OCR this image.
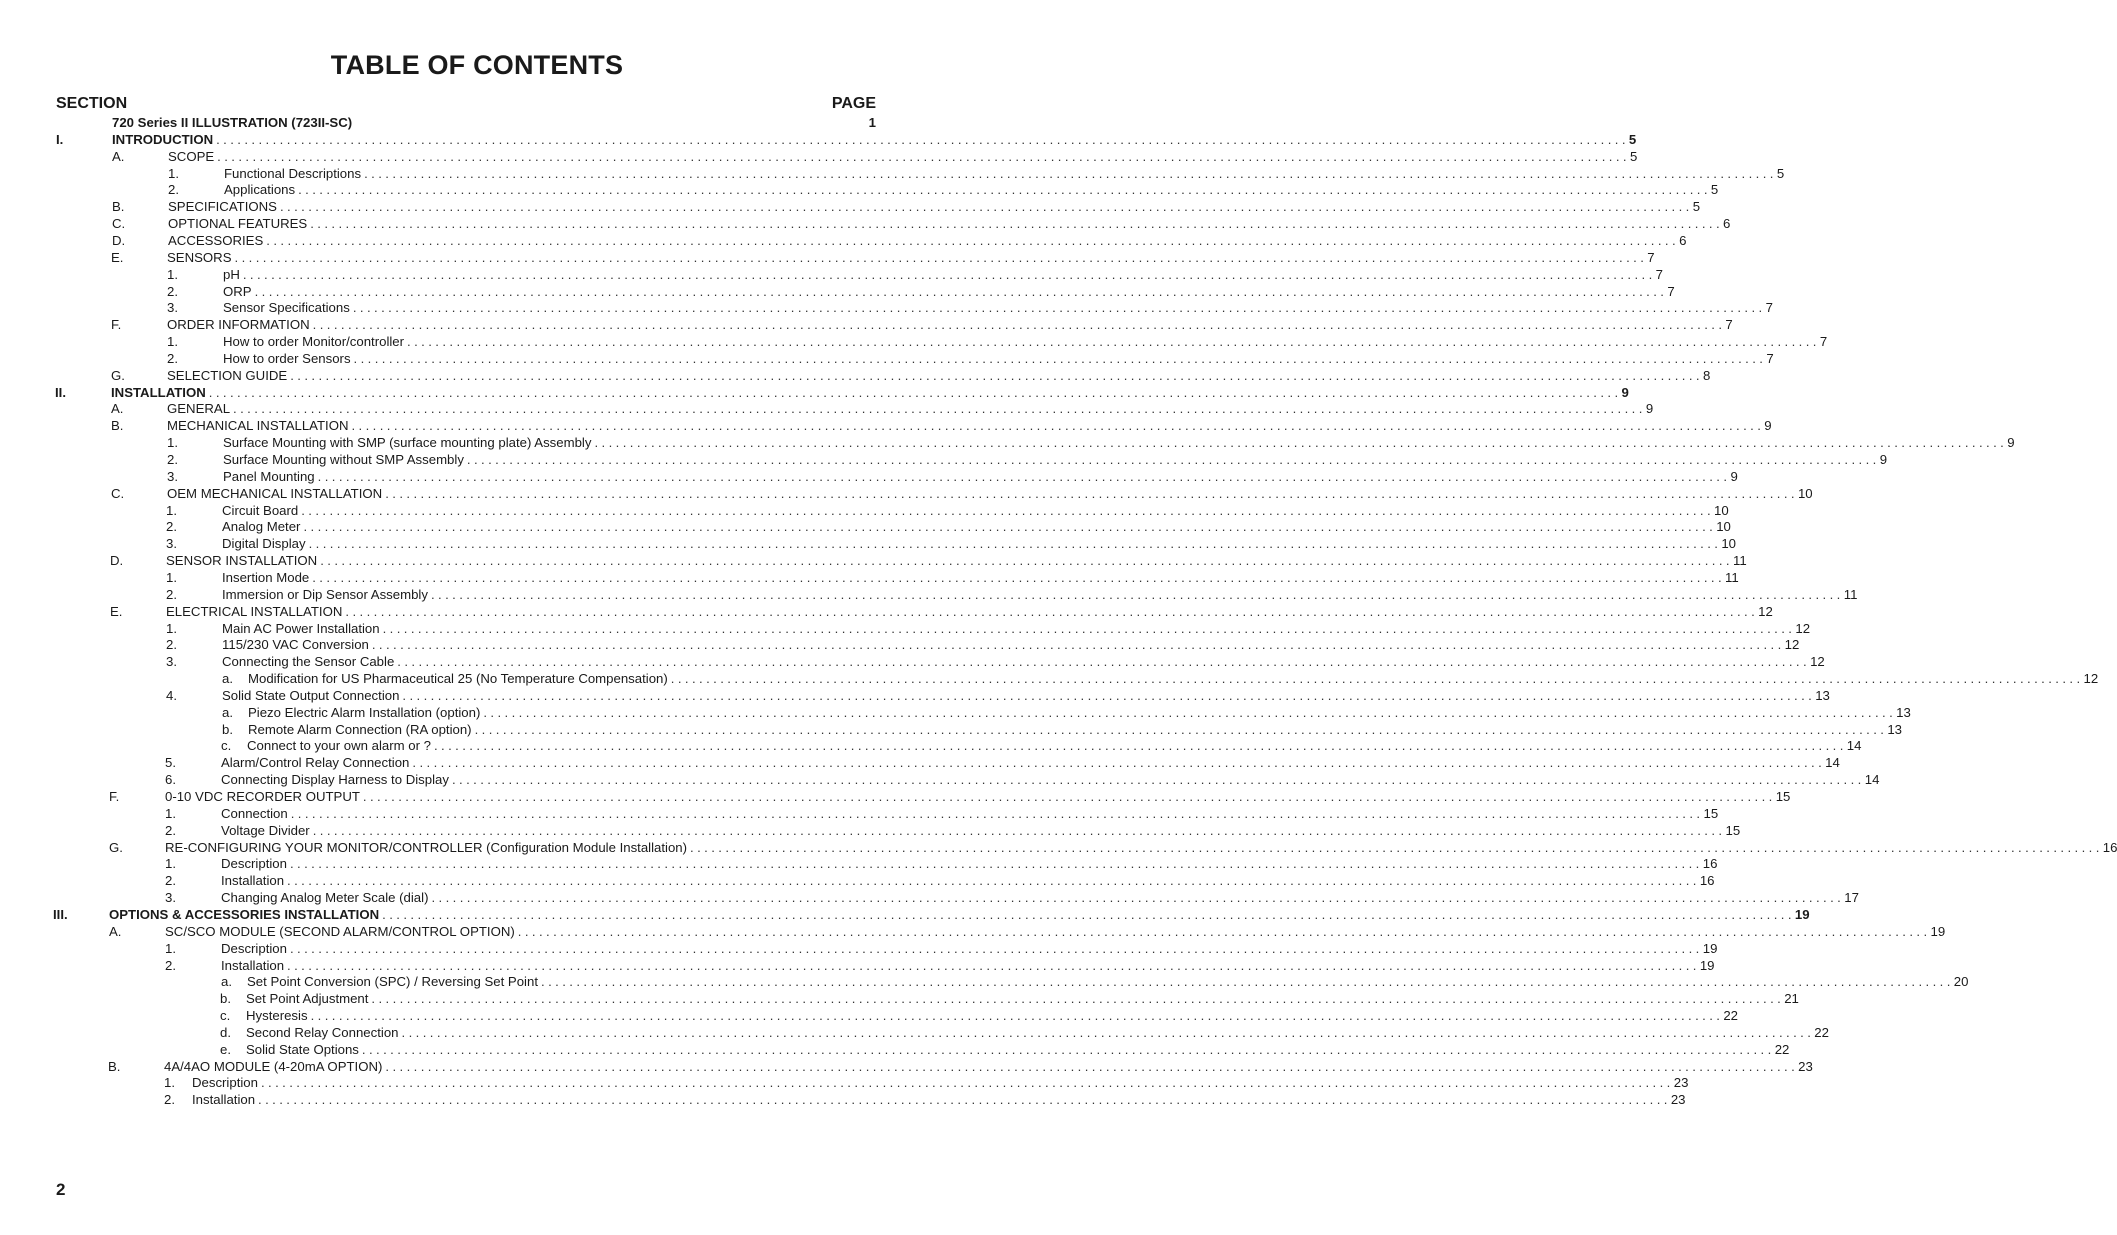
TABLE OF CONTENTS
SECTION	PAGE
720 Series II ILLUSTRATION (723II-SC)	1
I.	INTRODUCTION ........................................................................................................................................................................................................ 5
A.	SCOPE ........................................................................................................................................................................................................ 5
1.	Functional Descriptions ........................................................................................................................................................................................................ 5
2.	Applications ........................................................................................................................................................................................................ 5
B.	SPECIFICATIONS ........................................................................................................................................................................................................ 5
C.	OPTIONAL FEATURES ........................................................................................................................................................................................................ 6
D.	ACCESSORIES ........................................................................................................................................................................................................ 6
E.	SENSORS ........................................................................................................................................................................................................ 7
1.	pH ........................................................................................................................................................................................................ 7
2.	ORP ........................................................................................................................................................................................................ 7
3.	Sensor Specifications ........................................................................................................................................................................................................ 7
F.	ORDER INFORMATION ........................................................................................................................................................................................................ 7
1.	How to order Monitor/controller ........................................................................................................................................................................................................ 7
2.	How to order Sensors ........................................................................................................................................................................................................ 7
G.	SELECTION GUIDE ........................................................................................................................................................................................................ 8
II.	INSTALLATION ........................................................................................................................................................................................................ 9
A.	GENERAL ........................................................................................................................................................................................................ 9
B.	MECHANICAL INSTALLATION ........................................................................................................................................................................................................ 9
1.	Surface Mounting with SMP (surface mounting plate) Assembly ........................................................................................................................................................................................................ 9
2.	Surface Mounting without SMP Assembly ........................................................................................................................................................................................................ 9
3.	Panel Mounting ........................................................................................................................................................................................................ 9
C.	OEM MECHANICAL INSTALLATION ........................................................................................................................................................................................................ 10
1.	Circuit Board ........................................................................................................................................................................................................ 10
2.	Analog Meter ........................................................................................................................................................................................................ 10
3.	Digital Display ........................................................................................................................................................................................................ 10
D.	SENSOR INSTALLATION ........................................................................................................................................................................................................ 11
1.	Insertion Mode ........................................................................................................................................................................................................ 11
2.	Immersion or Dip Sensor Assembly ........................................................................................................................................................................................................ 11
E.	ELECTRICAL INSTALLATION ........................................................................................................................................................................................................ 12
1.	Main AC Power Installation ........................................................................................................................................................................................................ 12
2.	115/230 VAC Conversion ........................................................................................................................................................................................................ 12
3.	Connecting the Sensor Cable ........................................................................................................................................................................................................ 12
a. Modification for US Pharmaceutical 25 (No Temperature Compensation) ........................................................................................................................................................................................................ 12
4.	Solid State Output Connection ........................................................................................................................................................................................................ 13
a. Piezo Electric Alarm Installation (option) ........................................................................................................................................................................................................ 13
b. Remote Alarm Connection (RA option) ........................................................................................................................................................................................................ 13
c. Connect to your own alarm or ? ........................................................................................................................................................................................................ 14
5.	Alarm/Control Relay Connection ........................................................................................................................................................................................................ 14
6.	Connecting Display Harness to Display ........................................................................................................................................................................................................ 14
F.	0-10 VDC RECORDER OUTPUT ........................................................................................................................................................................................................ 15
1.	Connection ........................................................................................................................................................................................................ 15
2.	Voltage Divider ........................................................................................................................................................................................................ 15
G.	RE-CONFIGURING YOUR MONITOR/CONTROLLER (Configuration Module Installation) ........................................................................................................................................................................................................ 16
1.	Description ........................................................................................................................................................................................................ 16
2.	Installation ........................................................................................................................................................................................................ 16
3.	Changing Analog Meter Scale (dial) ........................................................................................................................................................................................................ 17
III.	OPTIONS & ACCESSORIES INSTALLATION ........................................................................................................................................................................................................ 19
A.	SC/SCO MODULE (SECOND ALARM/CONTROL OPTION) ........................................................................................................................................................................................................ 19
1.	Description ........................................................................................................................................................................................................ 19
2.	Installation ........................................................................................................................................................................................................ 19
a. Set Point Conversion (SPC) / Reversing Set Point ........................................................................................................................................................................................................ 20
b. Set Point Adjustment ........................................................................................................................................................................................................ 21
c. Hysteresis ........................................................................................................................................................................................................ 22
d. Second Relay Connection ........................................................................................................................................................................................................ 22
e. Solid State Options ........................................................................................................................................................................................................ 22
B.	4A/4AO MODULE (4-20mA OPTION) ........................................................................................................................................................................................................ 23
1. Description ........................................................................................................................................................................................................ 23
2. Installation ........................................................................................................................................................................................................ 23
2
